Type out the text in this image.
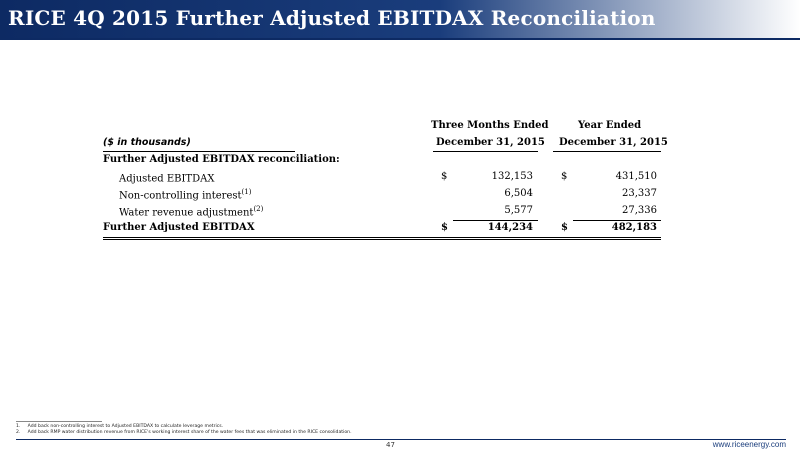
RICE 4Q 2015 Further Adjusted EBITDAX Reconciliation
Three Months Ended	Year Ended
($ in thousands)	December 31, 2015 December 31, 2015
Further Adjusted EBITDAX reconciliation:
Adjusted EBITDAX	$	132,153	$	431,510
Non-controlling interest$^{(1)}$	6,504	23,337
Water revenue adjustment$^{(2)}$	5,577	27,336
Further Adjusted EBITDAX	$	144,234	$	482,183
1.     Add back non-controlling interest to Adjusted EBITDAX to calculate leverage metrics.
2.     Add back RMP water distribution revenue from RICE's working interest share of the water fees that was eliminated in the RICE consolidation.
47	www.riceenergy.com
